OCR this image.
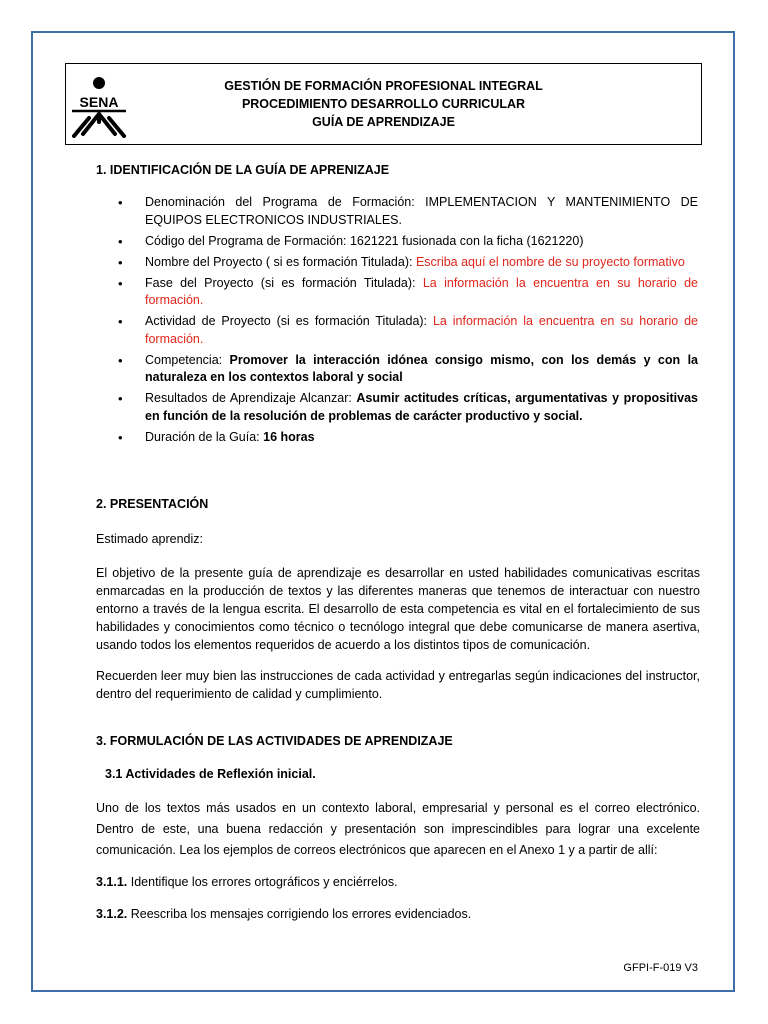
SENA
GESTIÓN DE FORMACIÓN PROFESIONAL INTEGRAL
PROCEDIMIENTO DESARROLLO CURRICULAR
GUÍA DE APRENDIZAJE
1. IDENTIFICACIÓN DE LA GUÍA DE APRENIZAJE
• Denominación del Programa de Formación: IMPLEMENTACION Y MANTENIMIENTO DE EQUIPOS ELECTRONICOS INDUSTRIALES.
• Código del Programa de Formación: 1621221 fusionada con la ficha (1621220)
• Nombre del Proyecto ( si es formación Titulada): Escriba aquí el nombre de su proyecto formativo
• Fase del Proyecto (si es formación Titulada): La información la encuentra en su horario de formación.
• Actividad de Proyecto (si es formación Titulada): La información la encuentra en su horario de formación.
• Competencia: Promover la interacción idónea consigo mismo, con los demás y con la naturaleza en los contextos laboral y social
• Resultados de Aprendizaje Alcanzar: Asumir actitudes críticas, argumentativas y propositivas en función de la resolución de problemas de carácter productivo y social.
• Duración de la Guía: 16 horas
2. PRESENTACIÓN
Estimado aprendiz:
El objetivo de la presente guía de aprendizaje es desarrollar en usted habilidades comunicativas escritas enmarcadas en la producción de textos y las diferentes maneras que tenemos de interactuar con nuestro entorno a través de la lengua escrita. El desarrollo de esta competencia es vital en el fortalecimiento de sus habilidades y conocimientos como técnico o tecnólogo integral que debe comunicarse de manera asertiva, usando todos los elementos requeridos de acuerdo a los distintos tipos de comunicación.
Recuerden leer muy bien las instrucciones de cada actividad y entregarlas según indicaciones del instructor, dentro del requerimiento de calidad y cumplimiento.
3. FORMULACIÓN DE LAS ACTIVIDADES DE APRENDIZAJE
3.1 Actividades de Reflexión inicial.
Uno de los textos más usados en un contexto laboral, empresarial y personal es el correo electrónico. Dentro de este, una buena redacción y presentación son imprescindibles para lograr una excelente comunicación. Lea los ejemplos de correos electrónicos que aparecen en el Anexo 1 y a partir de allí:
3.1.1. Identifique los errores ortográficos y enciérrelos.
3.1.2. Reescriba los mensajes corrigiendo los errores evidenciados.
GFPI-F-019 V3
